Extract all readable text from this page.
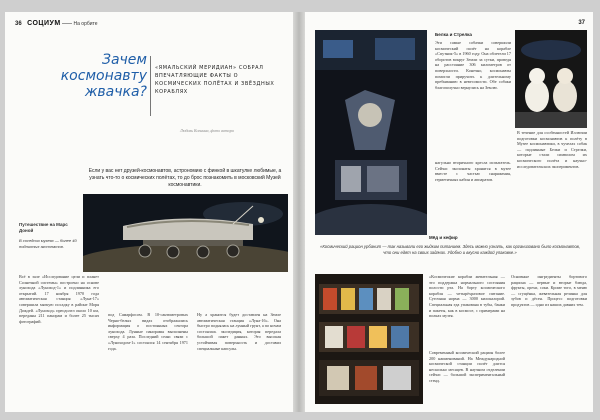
36 СОЦИУМ	На орбите
Зачем
космонавту
жвачка?
«ЯМАЛЬСКИЙ МЕРИДИАН» СОБРАЛ ВПЕЧАТЛЯЮЩИЕ ФАКТЫ О КОСМИЧЕСКИХ ПОЛЁТАХ И ЗВЁЗДНЫХ КОРАБЛЯХ
Любовь Копнина, фото автора
Если у вас нет друзей-космонавтов, астрономию с финкой в шкатулке любимые, а узнать что-то о космических полётах, то до брос познакомить в московский Музей космонавтики.
Путешествие на Марс Доной
В соседних музеях — более 40 подлинных экспонатов.
Всё в зале «Исследование цели и планет Солнечной системы» построено на основе лунохода «Луноход-1» и подлинника его открытий. 17 ноября 1970 года автоматическая станция «Луна-17» совершила мягкую посадку в районе Моря Дождей. «Луноход» преодолел около 10 км, переданы 211 панорам и более 25 тысяч фотографий.
под Самарфосом. В 10-сантиметровых Черно-белых видах отображались информация о постоянных сектора лунохода. Лунные панорамы выполнены сверху 4 раза. Последний сеанс связи с «Луноходом-1» состоялся 14 сентября 1971 года.
Ну а хранится будет доставлен на Земле автоматическая станция «Луна-16». Она быстро поднялась на лунный грунт, а по ночам состоялась экспедиция, которая передала большой пакет данных. Это высокая устойчивая поверхность и доставил специальные капсулы.
37
Белка и Стрелка
Эти самые собачки совершили космический полёт на корабле «Спутник-5» в 1960 году. Она облетели 17 оборотов вокруг Земли за сутки, проведя на расстояние 306 километров от поверхности. Конечно, космонавты помогли приручить к длительному пребыванию в невесомости. Обе собаки благополучно вернулись на Землю.
В течение для особенностей Иллюзии подготовки космонавтов к полёту в Музее космонавтики, в чучелах собак — подлинные Белки и Стрелки, которые стали символом их космического полёта и научно-исследовательских экспериментов.
нагульно вторичного кресла испытатель. Сейчас экспонаты хранятся в музее вместе с частью снаряжения, герметичных кабин и аппаратов.
Мёд и кефир
«Космический рацион урбанит — так называли его жидким питанием. Здесь можно узнать, как организовано было космонавтов, что они едят на своих задачах. Удобно и вкусно каждой упаковке.»
«Космические корабли жевательная — это поддержка нормального состояния полости рта. На борту космического корабля — четырёхразовое питание. Суточная норма — 3000 килокалорий. Специальная еда упакована в тубы, банки и пакеты, как в космосе, с примерами на полках музея.
Основные ингредиенты бортового рациона — первые и вторые блюда, фрукты, орехи, соки. Кроме того, в меню — сгущёнка, жевательная резинка для зубов и дёсен. Процесс подготовки продуктов — одно из наших давних тем.
Современный космический рацион более 200 наименований. На Международной космической станции полёт длится несколько месяцев. В научном отделении сейчас — большой экспериментальный стенд.
